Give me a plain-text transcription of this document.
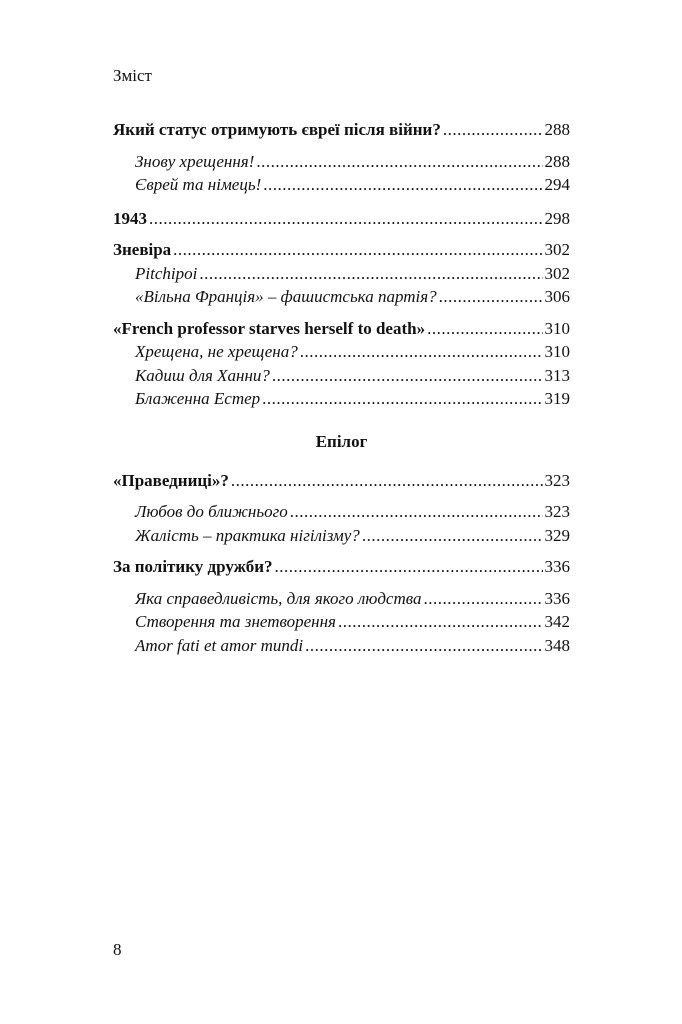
Зміст
Який статус отримують євреї після війни? .....	288
Знову хрещення! .....	288
Єврей та німець! .....	294
1943 .....	298
Зневіра .....	302
Pitchipoi .....	302
«Вільна Франція» – фашистська партія? .....	306
«French professor starves herself to death» .....	310
Хрещена, не хрещена? .....	310
Кадиш для Ханни? .....	313
Блаженна Естер .....	319
Епілог
«Праведниці»? .....	323
Любов до ближнього .....	323
Жалість – практика нігілізму? .....	329
За політику дружби? .....	336
Яка справедливість, для якого людства .....	336
Створення та знетворення .....	342
Amor fati et amor mundi .....	348
8
